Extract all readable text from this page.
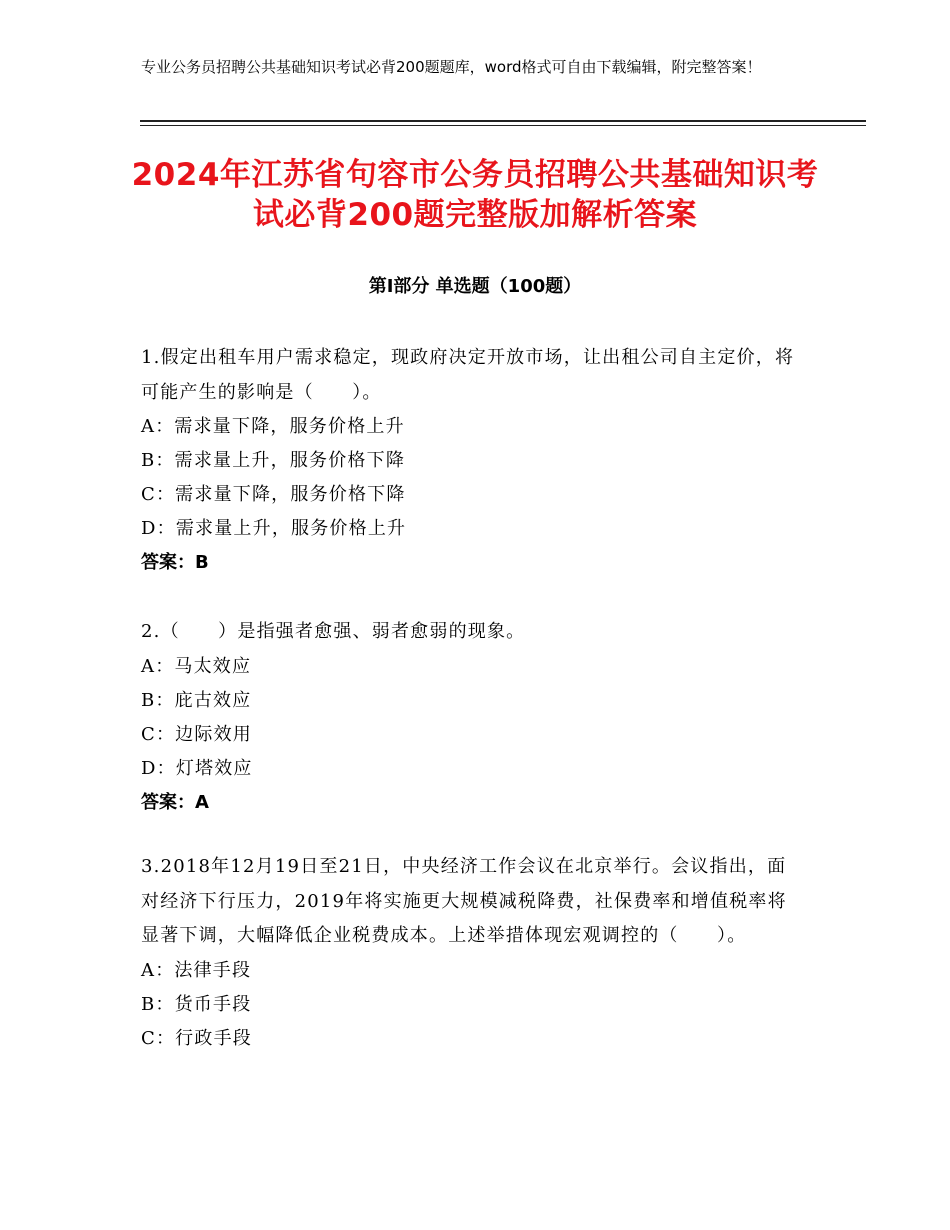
专业公务员招聘公共基础知识考试必背200题题库，word格式可自由下载编辑，附完整答案！
2024年江苏省句容市公务员招聘公共基础知识考试必背200题完整版加解析答案
第Ⅰ部分 单选题（100题）
1.假定出租车用户需求稳定，现政府决定开放市场，让出租公司自主定价，将可能产生的影响是（　　）。
A：需求量下降，服务价格上升
B：需求量上升，服务价格下降
C：需求量下降，服务价格下降
D：需求量上升，服务价格上升
答案：B
2.（　　）是指强者愈强、弱者愈弱的现象。
A：马太效应
B：庇古效应
C：边际效用
D：灯塔效应
答案：A
3.2018年12月19日至21日，中央经济工作会议在北京举行。会议指出，面对经济下行压力，2019年将实施更大规模减税降费，社保费率和增值税率将显著下调，大幅降低企业税费成本。上述举措体现宏观调控的（　　）。
A：法律手段
B：货币手段
C：行政手段
